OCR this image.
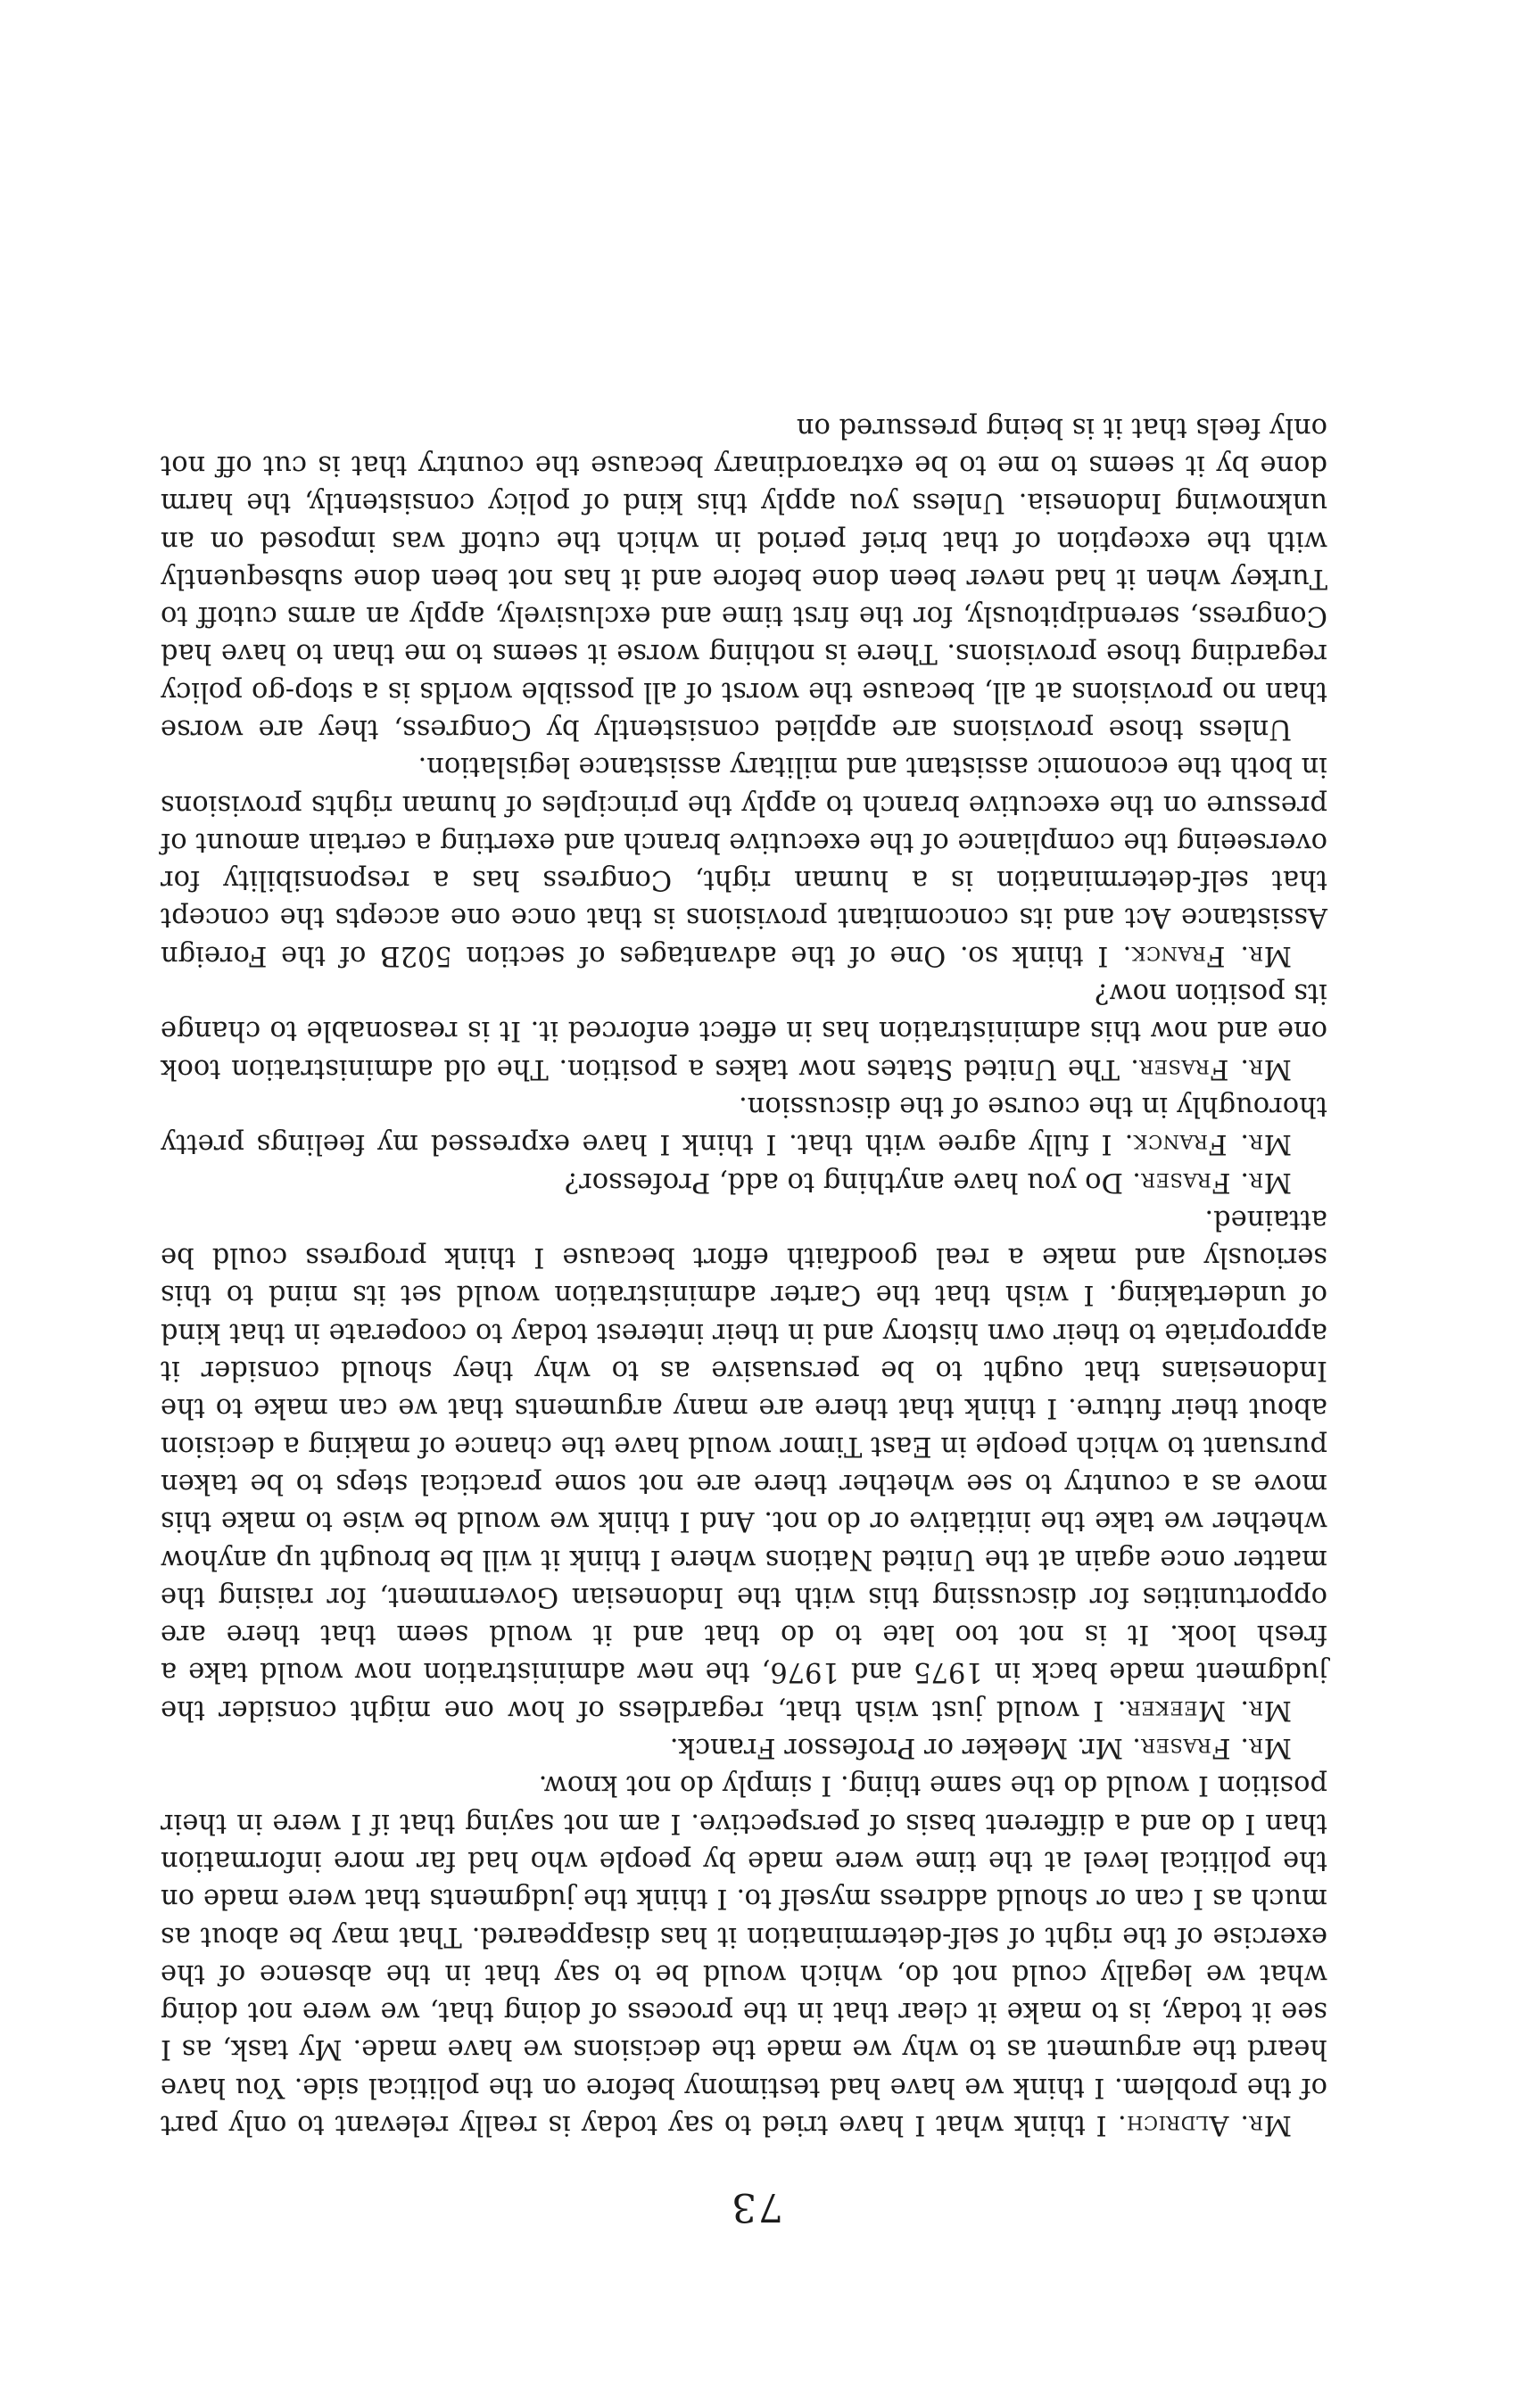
73

Mr. Aldrich. I think what I have tried to say today is really relevant to only part of the problem. I think we have had testimony before on the political side. You have heard the argument as to why we made the decisions we have made. My task, as I see it today, is to make it clear that in the process of doing that, we were not doing what we legally could not do, which would be to say that in the absence of the exercise of the right of self-determination it has disappeared. That may be about as much as I can or should address myself to. I think the judgments that were made on the political level at the time were made by people who had far more information than I do and a different basis of perspective. I am not saying that if I were in their position I would do the same thing. I simply do not know.

Mr. Fraser. Mr. Meeker or Professor Franck.

Mr. Meeker. I would just wish that, regardless of how one might consider the judgment made back in 1975 and 1976, the new administration now would take a fresh look. It is not too late to do that and it would seem that there are opportunities for discussing this with the Indonesian Government, for raising the matter once again at the United Nations where I think it will be brought up anyhow whether we take the initiative or do not. And I think we would be wise to make this move as a country to see whether there are not some practical steps to be taken pursuant to which people in East Timor would have the chance of making a decision about their future. I think that there are many arguments that we can make to the Indonesians that ought to be persuasive as to why they should consider it appropriate to their own history and in their interest today to cooperate in that kind of undertaking. I wish that the Carter administration would set its mind to this seriously and make a real goodfaith effort because I think progress could be attained.

Mr. Fraser. Do you have anything to add, Professor?

Mr. Franck. I fully agree with that. I think I have expressed my feelings pretty thoroughly in the course of the discussion.

Mr. Fraser. The United States now takes a position. The old administration took one and now this administration has in effect enforced it. It is reasonable to change its position now?

Mr. Franck. I think so. One of the advantages of section 502B of the Foreign Assistance Act and its concomitant provisions is that once one accepts the concept that self-determination is a human right, Congress has a responsibility for overseeing the compliance of the executive branch and exerting a certain amount of pressure on the executive branch to apply the principles of human rights provisions in both the economic assistant and military assistance legislation.

Unless those provisions are applied consistently by Congress, they are worse than no provisions at all, because the worst of all possible worlds is a stop-go policy regarding those provisions. There is nothing worse it seems to me than to have had Congress, serendipitously, for the first time and exclusively, apply an arms cutoff to Turkey when it had never been done before and it has not been done subsequently with the exception of that brief period in which the cutoff was imposed on an unknowing Indonesia. Unless you apply this kind of policy consistently, the harm done by it seems to me to be extraordinary because the country that is cut off not only feels that it is being pressured on
